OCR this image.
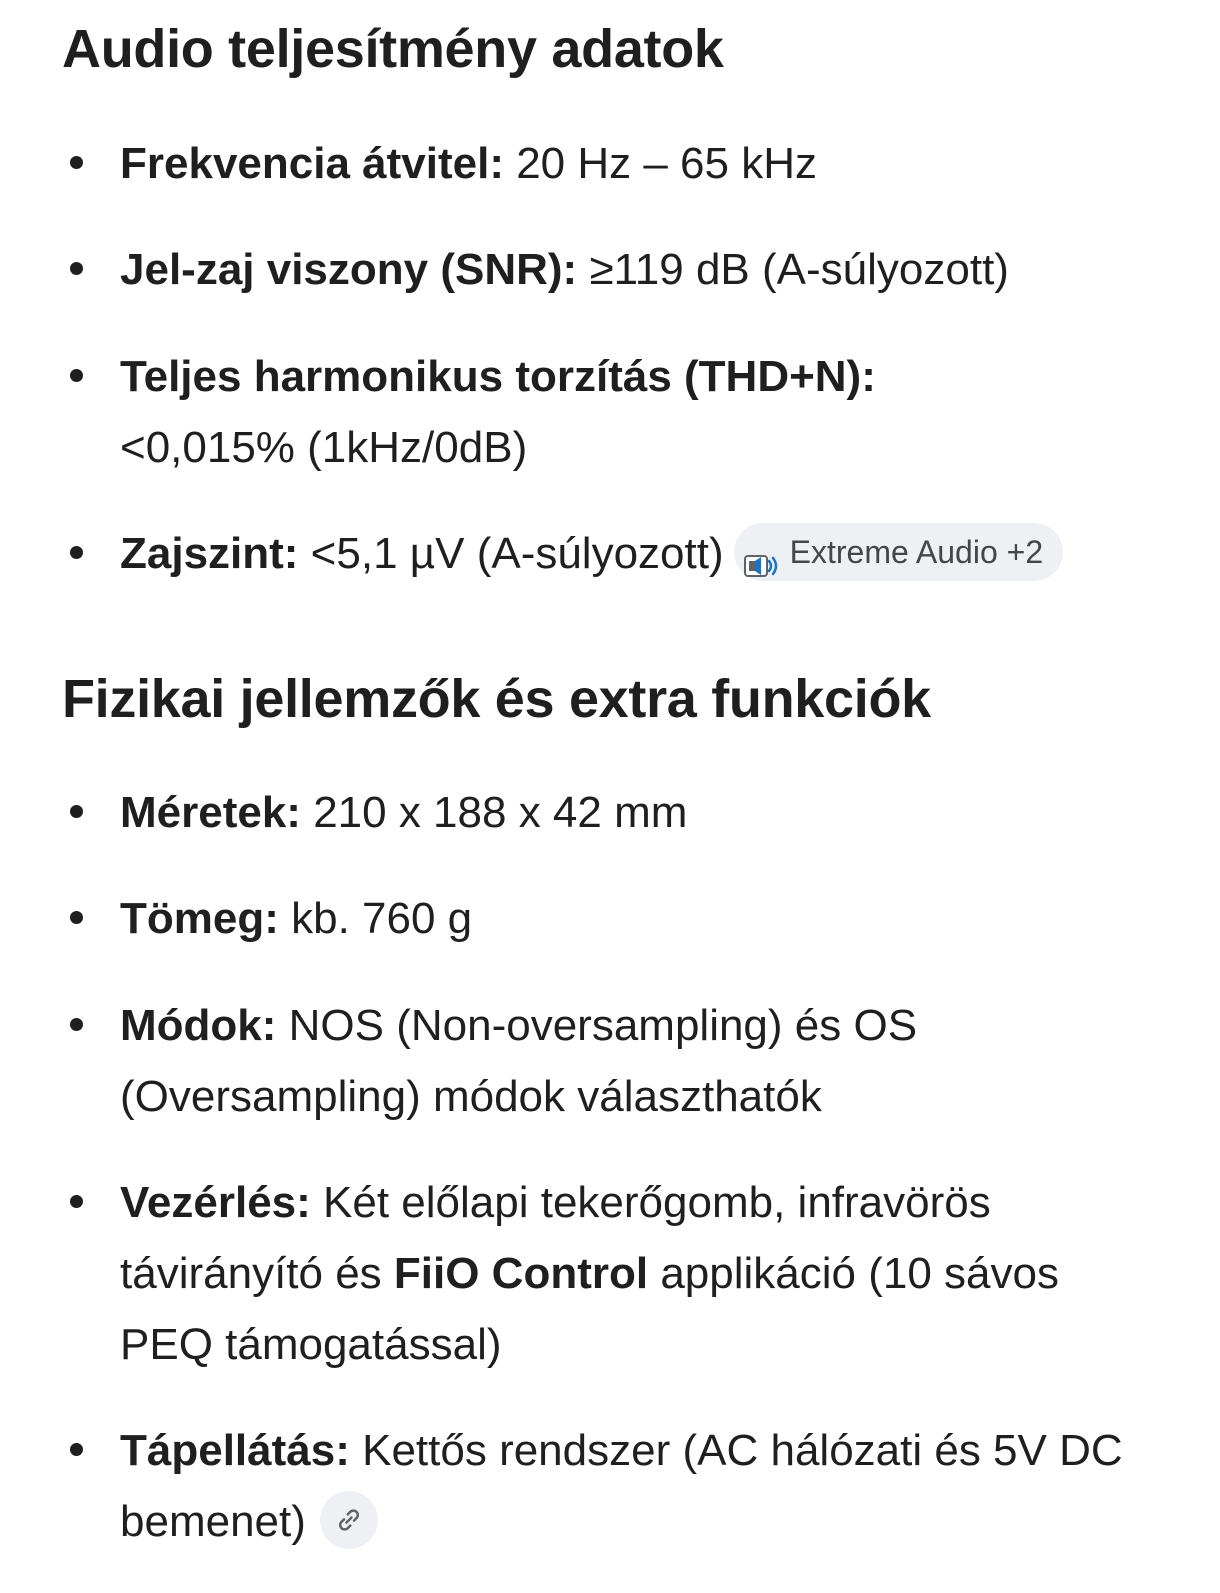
Audio teljesítmény adatok
Frekvencia átvitel: 20 Hz – 65 kHz
Jel-zaj viszony (SNR): ≥119 dB (A-súlyozott)
Teljes harmonikus torzítás (THD+N):
<0,015% (1kHz/0dB)
Zajszint: <5,1 µV (A-súlyozott) Extreme Audio +2
Fizikai jellemzők és extra funkciók
Méretek: 210 x 188 x 42 mm
Tömeg: kb. 760 g
Módok: NOS (Non-oversampling) és OS (Oversampling) módok választhatók
Vezérlés: Két előlapi tekerőgomb, infravörös távirányító és FiiO Control applikáció (10 sávos PEQ támogatással)
Tápellátás: Kettős rendszer (AC hálózati és 5V DC bemenet)
